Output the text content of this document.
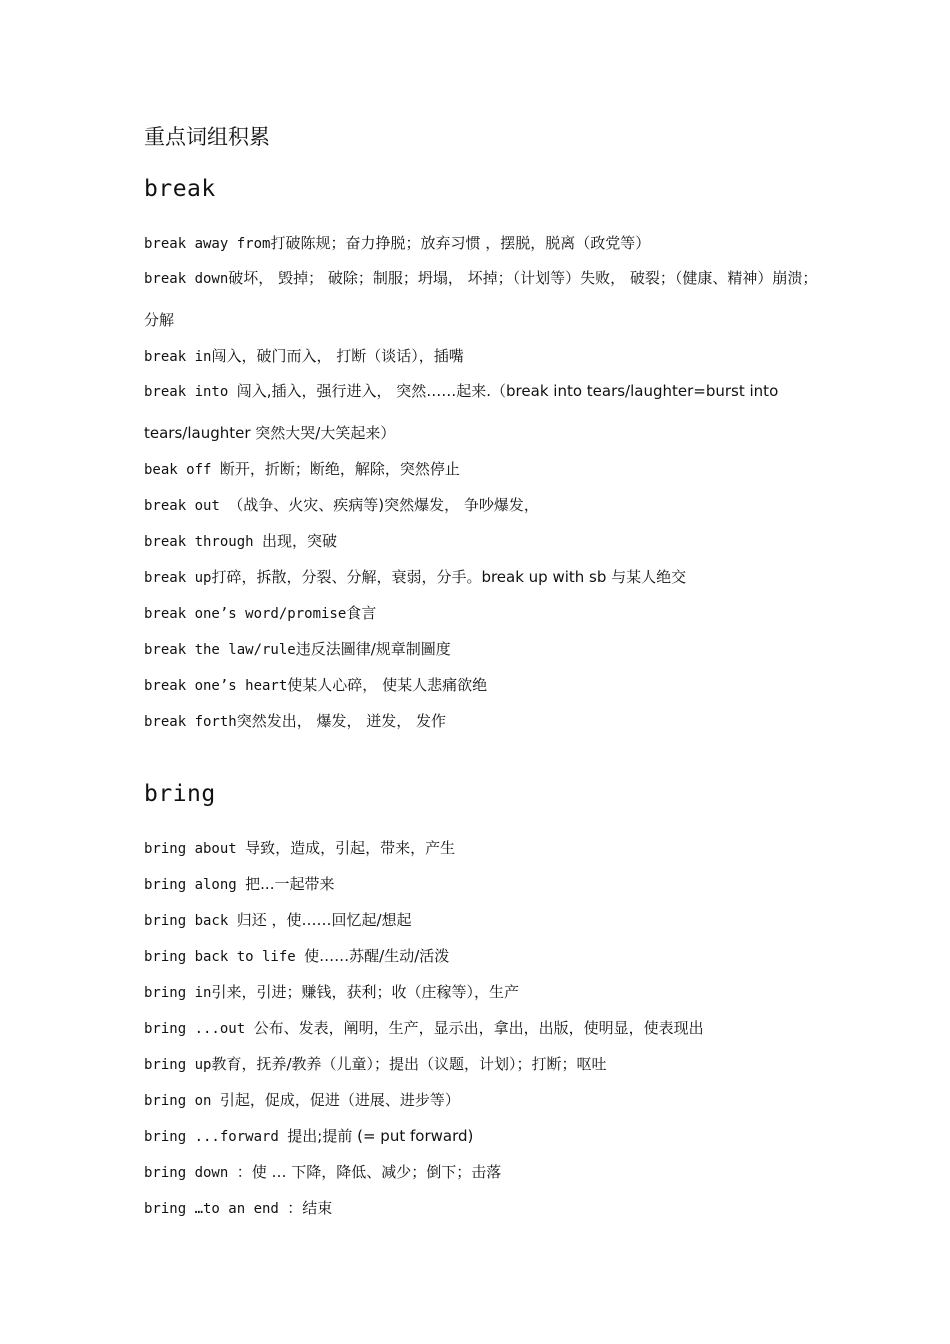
重点词组积累
break
break away from打破陈规；奋力挣脱；放弃习惯 ，摆脱，脱离（政党等）
break down破坏， 毁掉； 破除；制服；坍塌， 坏掉；（计划等）失败， 破裂；（健康、精神）崩溃；分解
break in闯入，破门而入， 打断（谈话），插嘴
break into 闯入,插入，强行进入， 突然……起来.（break into tears/laughter=burst into tears/laughter 突然大哭/大笑起来）
beak off 断开，折断；断绝，解除，突然停止
break out （战争、火灾、疾病等)突然爆发， 争吵爆发，
break through 出现，突破
break up打碎，拆散，分裂、分解，衰弱，分手。break up with sb 与某人绝交
break one’s word/promise食言
break the law/rule违反法圖律/规章制圖度
break one’s heart使某人心碎， 使某人悲痛欲绝
break forth突然发出， 爆发， 迸发， 发作
bring
bring about 导致，造成，引起，带来，产生
bring along 把...一起带来
bring back 归还 ，使……回忆起/想起
bring back to life 使……苏醒/生动/活泼
bring in引来，引进；赚钱，获利；收（庄稼等），生产
bring ...out 公布、发表，阐明，生产，显示出，拿出，出版，使明显，使表现出
bring up教育，抚养/教养（儿童）；提出（议题，计划）；打断；呕吐
bring on 引起，促成，促进（进展、进步等）
bring ...forward 提出;提前 (= put forward)
bring down ：使 … 下降，降低、减少；倒下；击落
bring …to an end ：结束
